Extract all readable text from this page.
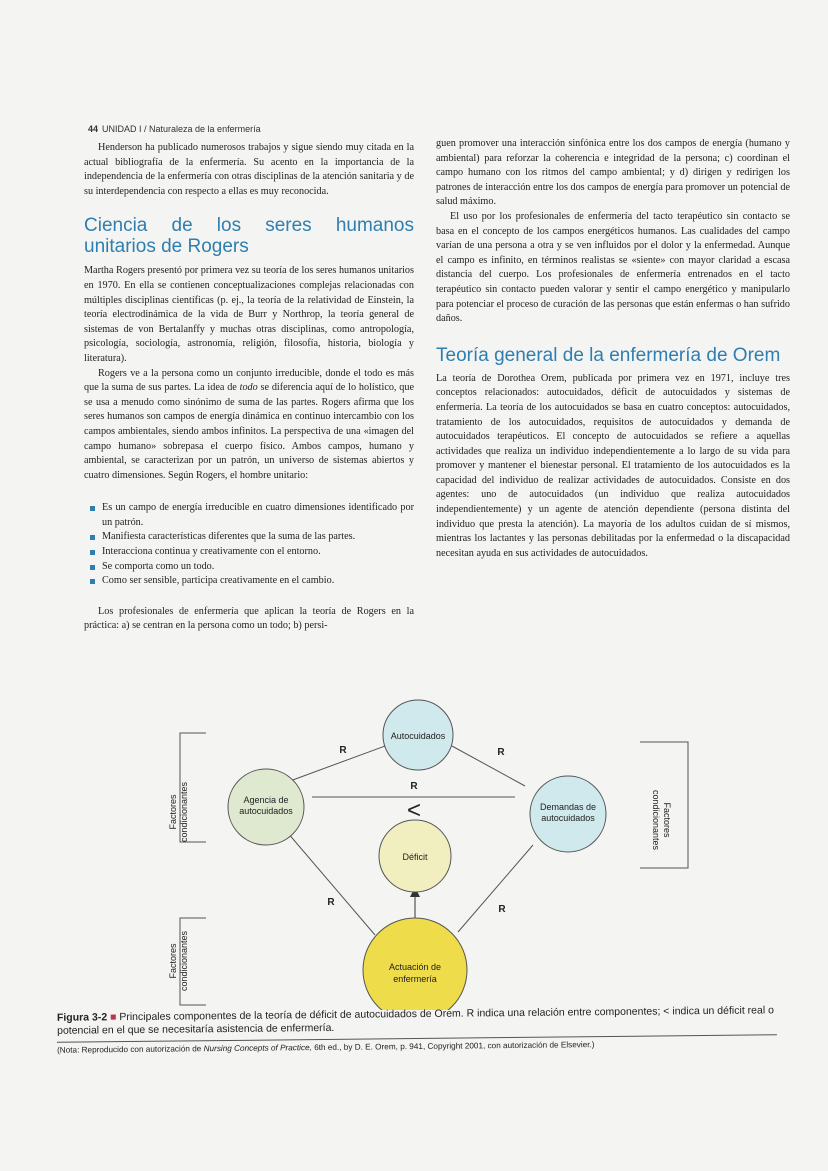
44 UNIDAD I / Naturaleza de la enfermería

Henderson ha publicado numerosos trabajos y sigue siendo muy citada en la actual bibliografía de la enfermería. Su acento en la importancia de la independencia de la enfermería con otras disciplinas de la atención sanitaria y de su interdependencia con respecto a ellas es muy reconocida.

Ciencia de los seres humanos unitarios de Rogers

Martha Rogers presentó por primera vez su teoría de los seres humanos unitarios en 1970. En ella se contienen conceptualizaciones complejas relacionadas con múltiples disciplinas científicas (p. ej., la teoría de la relatividad de Einstein, la teoría electrodinámica de la vida de Burr y Northrop, la teoría general de sistemas de von Bertalanffy y muchas otras disciplinas, como antropología, psicología, sociología, astronomía, religión, filosofía, historia, biología y literatura).

Rogers ve a la persona como un conjunto irreducible, donde el todo es más que la suma de sus partes. La idea de todo se diferencia aquí de lo holístico, que se usa a menudo como sinónimo de suma de las partes. Rogers afirma que los seres humanos son campos de energía dinámica en continuo intercambio con los campos ambientales, siendo ambos infinitos. La perspectiva de una «imagen del campo humano» sobrepasa el cuerpo físico. Ambos campos, humano y ambiental, se caracterizan por un patrón, un universo de sistemas abiertos y cuatro dimensiones. Según Rogers, el hombre unitario:

Es un campo de energía irreducible en cuatro dimensiones identificado por un patrón.
Manifiesta características diferentes que la suma de las partes.
Interacciona continua y creativamente con el entorno.
Se comporta como un todo.
Como ser sensible, participa creativamente en el cambio.

Los profesionales de enfermería que aplican la teoría de Rogers en la práctica: a) se centran en la persona como un todo; b) persi-

guen promover una interacción sinfónica entre los dos campos de energía (humano y ambiental) para reforzar la coherencia e integridad de la persona; c) coordinan el campo humano con los ritmos del campo ambiental; y d) dirigen y redirigen los patrones de interacción entre los dos campos de energía para promover un potencial de salud máximo.

El uso por los profesionales de enfermería del tacto terapéutico sin contacto se basa en el concepto de los campos energéticos humanos. Las cualidades del campo varían de una persona a otra y se ven influidos por el dolor y la enfermedad. Aunque el campo es infinito, en términos realistas se «siente» con mayor claridad a escasa distancia del cuerpo. Los profesionales de enfermería entrenados en el tacto terapéutico sin contacto pueden valorar y sentir el campo energético y manipularlo para potenciar el proceso de curación de las personas que están enfermas o han sufrido daños.

Teoría general de la enfermería de Orem

La teoría de Dorothea Orem, publicada por primera vez en 1971, incluye tres conceptos relacionados: autocuidados, déficit de autocuidados y sistemas de enfermería. La teoría de los autocuidados se basa en cuatro conceptos: autocuidados, tratamiento de los autocuidados, requisitos de autocuidados y demanda de autocuidados terapéuticos. El concepto de autocuidados se refiere a aquellas actividades que realiza un individuo independientemente a lo largo de su vida para promover y mantener el bienestar personal. El tratamiento de los autocuidados es la capacidad del individuo de realizar actividades de autocuidados. Consiste en dos agentes: uno de autocuidados (un individuo que realiza autocuidados independientemente) y un agente de atención dependiente (persona distinta del individuo que presta la atención). La mayoría de los adultos cuidan de sí mismos, mientras los lactantes y las personas debilitadas por la enfermedad o la discapacidad necesitan ayuda en sus actividades de autocuidados.

Autocuidados
Agencia de
autocuidados	Demandas de
autocuidados
Déficit
Actuación de
enfermería
R	R
R
R
R
<
Factores condicionantes
Factores condicionantes
Factores
condicionantes
Figura 3-2 ■ Principales componentes de la teoría de déficit de autocuidados de Orem. R indica una relación entre componentes; < indica un déficit real o potencial en el que se necesitaría asistencia de enfermería.
(Nota: Reproducido con autorización de Nursing Concepts of Practice, 6th ed., by D. E. Orem, p. 941, Copyright 2001, con autorización de Elsevier.)
